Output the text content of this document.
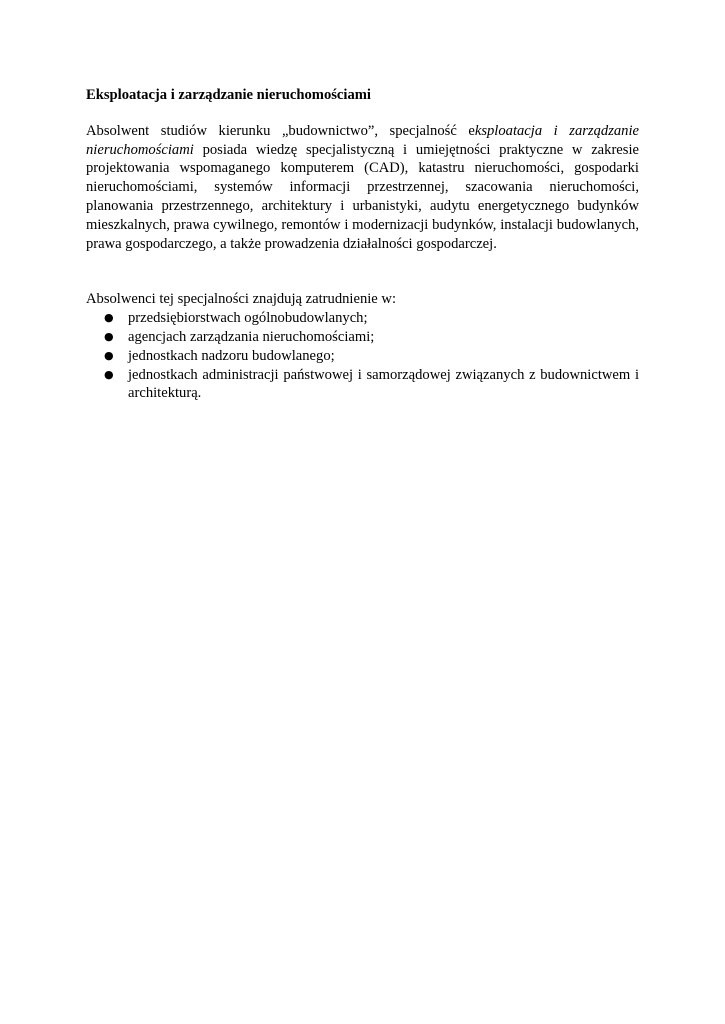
Eksploatacja i zarządzanie nieruchomościami

Absolwent studiów kierunku „budownictwo”, specjalność eksploatacja i zarządzanie nieruchomościami posiada wiedzę specjalistyczną i umiejętności praktyczne w zakresie projektowania wspomaganego komputerem (CAD), katastru nieruchomości, gospodarki nieruchomościami, systemów informacji przestrzennej, szacowania nieruchomości, planowania przestrzennego, architektury i urbanistyki, audytu energetycznego budynków mieszkalnych, prawa cywilnego, remontów i modernizacji budynków, instalacji budowlanych, prawa gospodarczego, a także prowadzenia działalności gospodarczej.

Absolwenci tej specjalności znajdują zatrudnienie w:

● przedsiębiorstwach ogólnobudowlanych;
● agencjach zarządzania nieruchomościami;
● jednostkach nadzoru budowlanego;
● jednostkach administracji państwowej i samorządowej związanych z budownictwem i architekturą.
